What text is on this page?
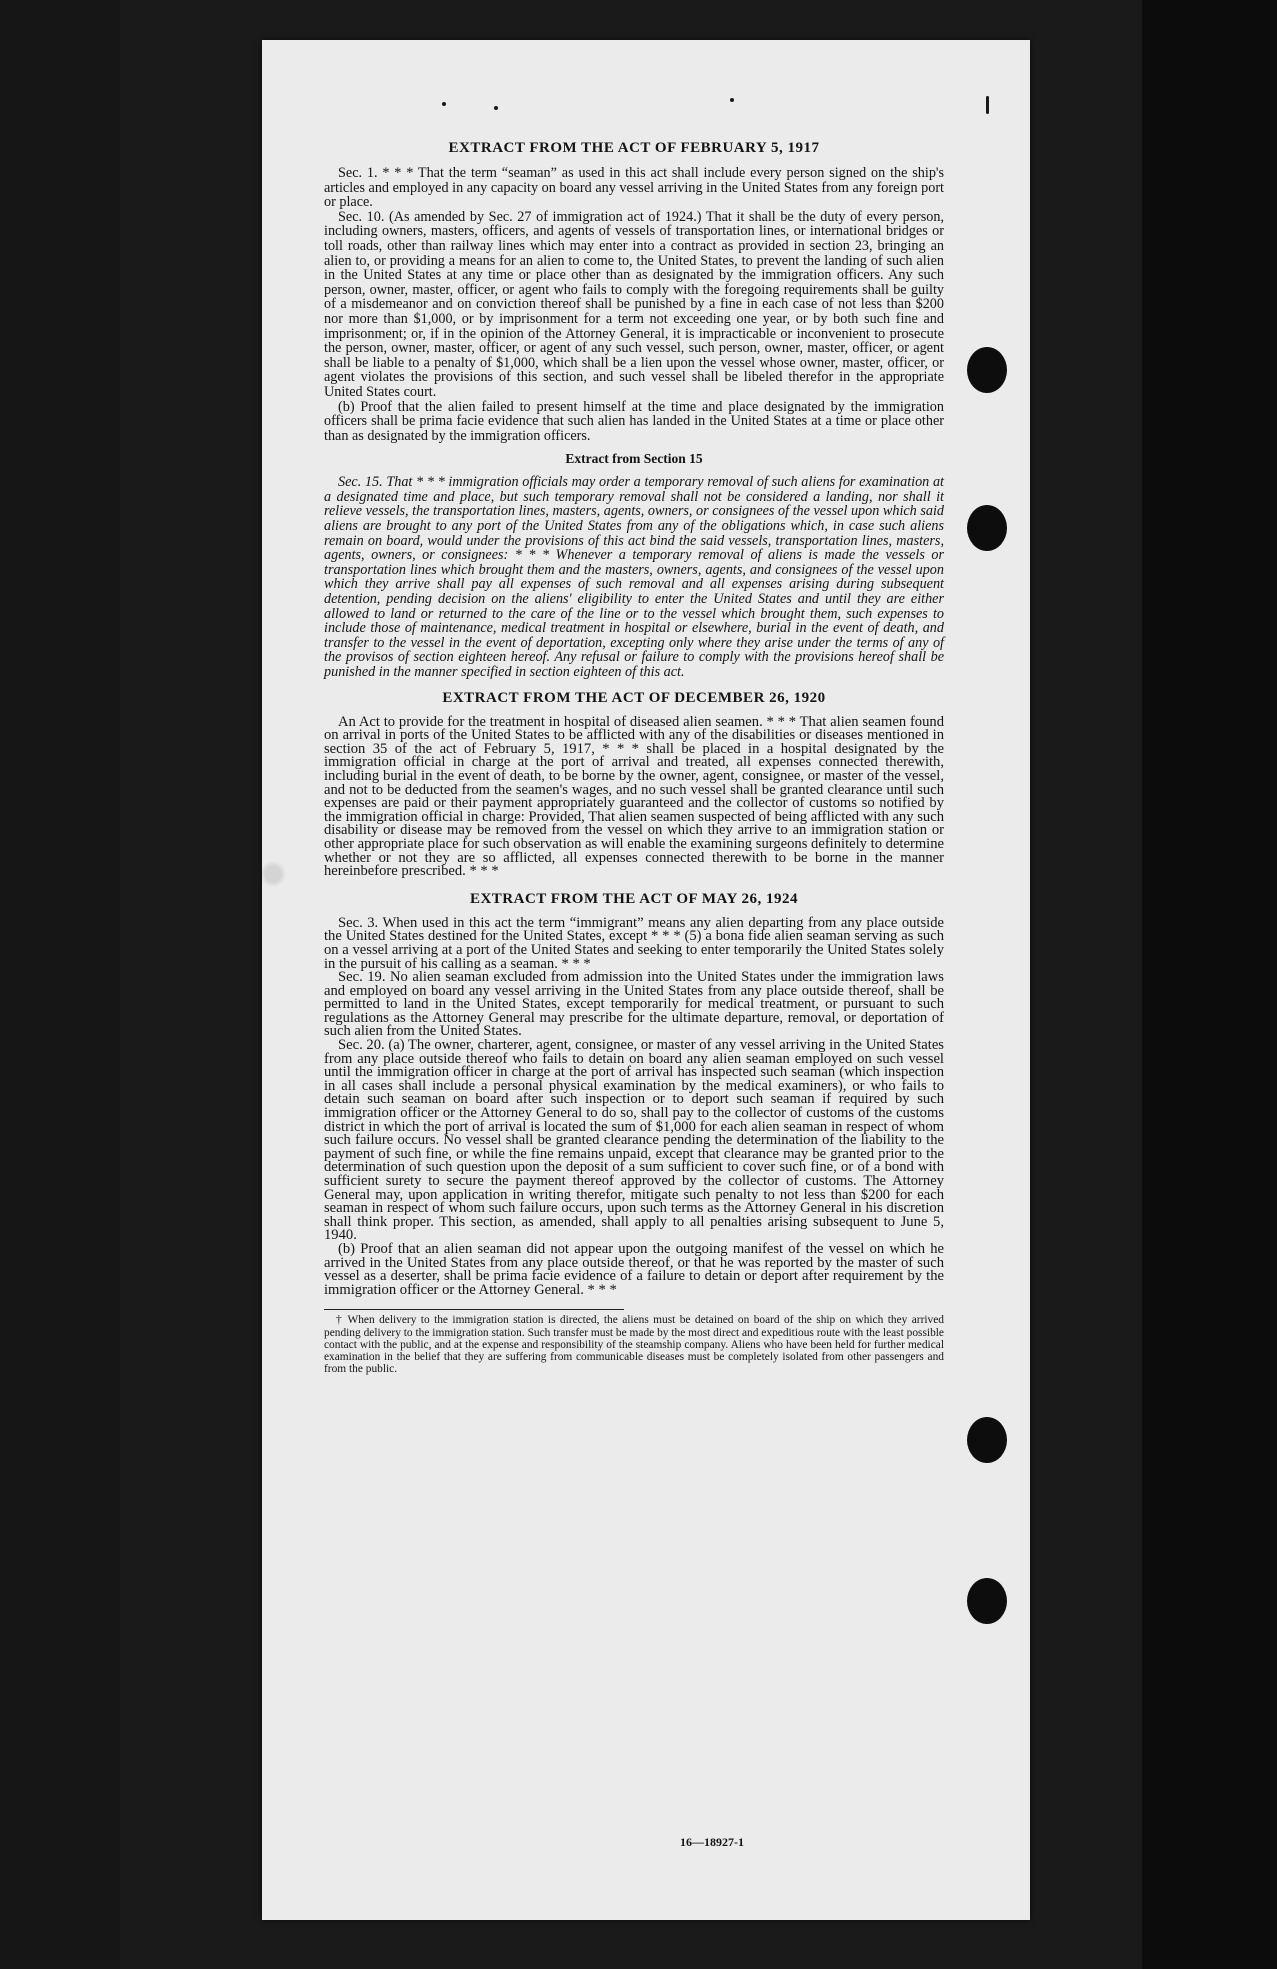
EXTRACT FROM THE ACT OF FEBRUARY 5, 1917

Sec. 1. * * * That the term “seaman” as used in this act shall include every person signed on the ship's articles and employed in any capacity on board any vessel arriving in the United States from any foreign port or place.

Sec. 10. (As amended by Sec. 27 of immigration act of 1924.) That it shall be the duty of every person, including owners, masters, officers, and agents of vessels of transportation lines, or international bridges or toll roads, other than railway lines which may enter into a contract as provided in section 23, bringing an alien to, or providing a means for an alien to come to, the United States, to prevent the landing of such alien in the United States at any time or place other than as designated by the immigration officers. Any such person, owner, master, officer, or agent who fails to comply with the foregoing requirements shall be guilty of a misdemeanor and on conviction thereof shall be punished by a fine in each case of not less than $200 nor more than $1,000, or by imprisonment for a term not exceeding one year, or by both such fine and imprisonment; or, if in the opinion of the Attorney General, it is impracticable or inconvenient to prosecute the person, owner, master, officer, or agent of any such vessel, such person, owner, master, officer, or agent shall be liable to a penalty of $1,000, which shall be a lien upon the vessel whose owner, master, officer, or agent violates the provisions of this section, and such vessel shall be libeled therefor in the appropriate United States court.

(b) Proof that the alien failed to present himself at the time and place designated by the immigration officers shall be prima facie evidence that such alien has landed in the United States at a time or place other than as designated by the immigration officers.

Extract from Section 15

Sec. 15. That * * * immigration officials may order a temporary removal of such aliens for examination at a designated time and place, but such temporary removal shall not be considered a landing, nor shall it relieve vessels, the transportation lines, masters, agents, owners, or consignees of the vessel upon which said aliens are brought to any port of the United States from any of the obligations which, in case such aliens remain on board, would under the provisions of this act bind the said vessels, transportation lines, masters, agents, owners, or consignees: * * * Whenever a temporary removal of aliens is made the vessels or transportation lines which brought them and the masters, owners, agents, and consignees of the vessel upon which they arrive shall pay all expenses of such removal and all expenses arising during subsequent detention, pending decision on the aliens' eligibility to enter the United States and until they are either allowed to land or returned to the care of the line or to the vessel which brought them, such expenses to include those of maintenance, medical treatment in hospital or elsewhere, burial in the event of death, and transfer to the vessel in the event of deportation, excepting only where they arise under the terms of any of the provisos of section eighteen hereof. Any refusal or failure to comply with the provisions hereof shall be punished in the manner specified in section eighteen of this act.

EXTRACT FROM THE ACT OF DECEMBER 26, 1920

An Act to provide for the treatment in hospital of diseased alien seamen. * * * That alien seamen found on arrival in ports of the United States to be afflicted with any of the disabilities or diseases mentioned in section 35 of the act of February 5, 1917, * * * shall be placed in a hospital designated by the immigration official in charge at the port of arrival and treated, all expenses connected therewith, including burial in the event of death, to be borne by the owner, agent, consignee, or master of the vessel, and not to be deducted from the seamen's wages, and no such vessel shall be granted clearance until such expenses are paid or their payment appropriately guaranteed and the collector of customs so notified by the immigration official in charge: Provided, That alien seamen suspected of being afflicted with any such disability or disease may be removed from the vessel on which they arrive to an immigration station or other appropriate place for such observation as will enable the examining surgeons definitely to determine whether or not they are so afflicted, all expenses connected therewith to be borne in the manner hereinbefore prescribed. * * *

EXTRACT FROM THE ACT OF MAY 26, 1924

Sec. 3. When used in this act the term “immigrant” means any alien departing from any place outside the United States destined for the United States, except * * * (5) a bona fide alien seaman serving as such on a vessel arriving at a port of the United States and seeking to enter temporarily the United States solely in the pursuit of his calling as a seaman. * * *

Sec. 19. No alien seaman excluded from admission into the United States under the immigration laws and employed on board any vessel arriving in the United States from any place outside thereof, shall be permitted to land in the United States, except temporarily for medical treatment, or pursuant to such regulations as the Attorney General may prescribe for the ultimate departure, removal, or deportation of such alien from the United States.

Sec. 20. (a) The owner, charterer, agent, consignee, or master of any vessel arriving in the United States from any place outside thereof who fails to detain on board any alien seaman employed on such vessel until the immigration officer in charge at the port of arrival has inspected such seaman (which inspection in all cases shall include a personal physical examination by the medical examiners), or who fails to detain such seaman on board after such inspection or to deport such seaman if required by such immigration officer or the Attorney General to do so, shall pay to the collector of customs of the customs district in which the port of arrival is located the sum of $1,000 for each alien seaman in respect of whom such failure occurs. No vessel shall be granted clearance pending the determination of the liability to the payment of such fine, or while the fine remains unpaid, except that clearance may be granted prior to the determination of such question upon the deposit of a sum sufficient to cover such fine, or of a bond with sufficient surety to secure the payment thereof approved by the collector of customs. The Attorney General may, upon application in writing therefor, mitigate such penalty to not less than $200 for each seaman in respect of whom such failure occurs, upon such terms as the Attorney General in his discretion shall think proper. This section, as amended, shall apply to all penalties arising subsequent to June 5, 1940.

(b) Proof that an alien seaman did not appear upon the outgoing manifest of the vessel on which he arrived in the United States from any place outside thereof, or that he was reported by the master of such vessel as a deserter, shall be prima facie evidence of a failure to detain or deport after requirement by the immigration officer or the Attorney General. * * *

† When delivery to the immigration station is directed, the aliens must be detained on board of the ship on which they arrived pending delivery to the immigration station. Such transfer must be made by the most direct and expeditious route with the least possible contact with the public, and at the expense and responsibility of the steamship company. Aliens who have been held for further medical examination in the belief that they are suffering from communicable diseases must be completely isolated from other passengers and from the public.

16—18927-1
